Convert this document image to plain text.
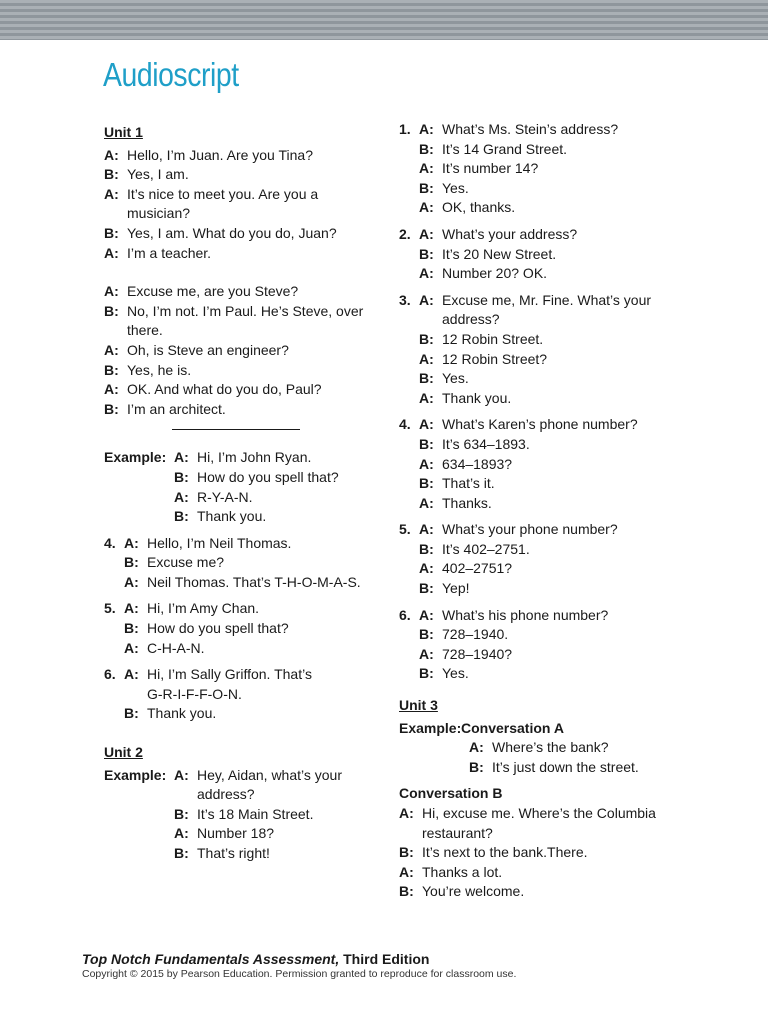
Audioscript
Unit 1
A: Hello, I’m Juan. Are you Tina?
B: Yes, I am.
A: It’s nice to meet you. Are you a
musician?
B: Yes, I am. What do you do, Juan?
A: I’m a teacher.
A: Excuse me, are you Steve?
B: No, I’m not. I’m Paul. He’s Steve, over
there.
A: Oh, is Steve an engineer?
B: Yes, he is.
A: OK. And what do you do, Paul?
B: I’m an architect.
Example: A: Hi, I’m John Ryan.
B: How do you spell that?
A: R-Y-A-N.
B: Thank you.
4. A: Hello, I’m Neil Thomas.
B: Excuse me?
A: Neil Thomas. That’s T-H-O-M-A-S.
5. A: Hi, I’m Amy Chan.
B: How do you spell that?
A: C-H-A-N.
6. A: Hi, I’m Sally Griffon. That’s
G-R-I-F-F-O-N.
B: Thank you.
Unit 2
Example: A: Hey, Aidan, what’s your
address?
B: It’s 18 Main Street.
A: Number 18?
B: That’s right!
1. A: What’s Ms. Stein’s address?
B: It’s 14 Grand Street.
A: It’s number 14?
B: Yes.
A: OK, thanks.
2. A: What’s your address?
B: It’s 20 New Street.
A: Number 20? OK.
3. A: Excuse me, Mr. Fine. What’s your
address?
B: 12 Robin Street.
A: 12 Robin Street?
B: Yes.
A: Thank you.
4. A: What’s Karen’s phone number?
B: It’s 634–1893.
A: 634–1893?
B: That’s it.
A: Thanks.
5. A: What’s your phone number?
B: It’s 402–2751.
A: 402–2751?
B: Yep!
6. A: What’s his phone number?
B: 728–1940.
A: 728–1940?
B: Yes.
Unit 3
Example: Conversation A
A: Where’s the bank?
B: It’s just down the street.
Conversation B
A: Hi, excuse me. Where’s the Columbia
restaurant?
B: It’s next to the bank.There.
A: Thanks a lot.
B: You’re welcome.
Top Notch Fundamentals Assessment, Third Edition
Copyright © 2015 by Pearson Education. Permission granted to reproduce for classroom use.
